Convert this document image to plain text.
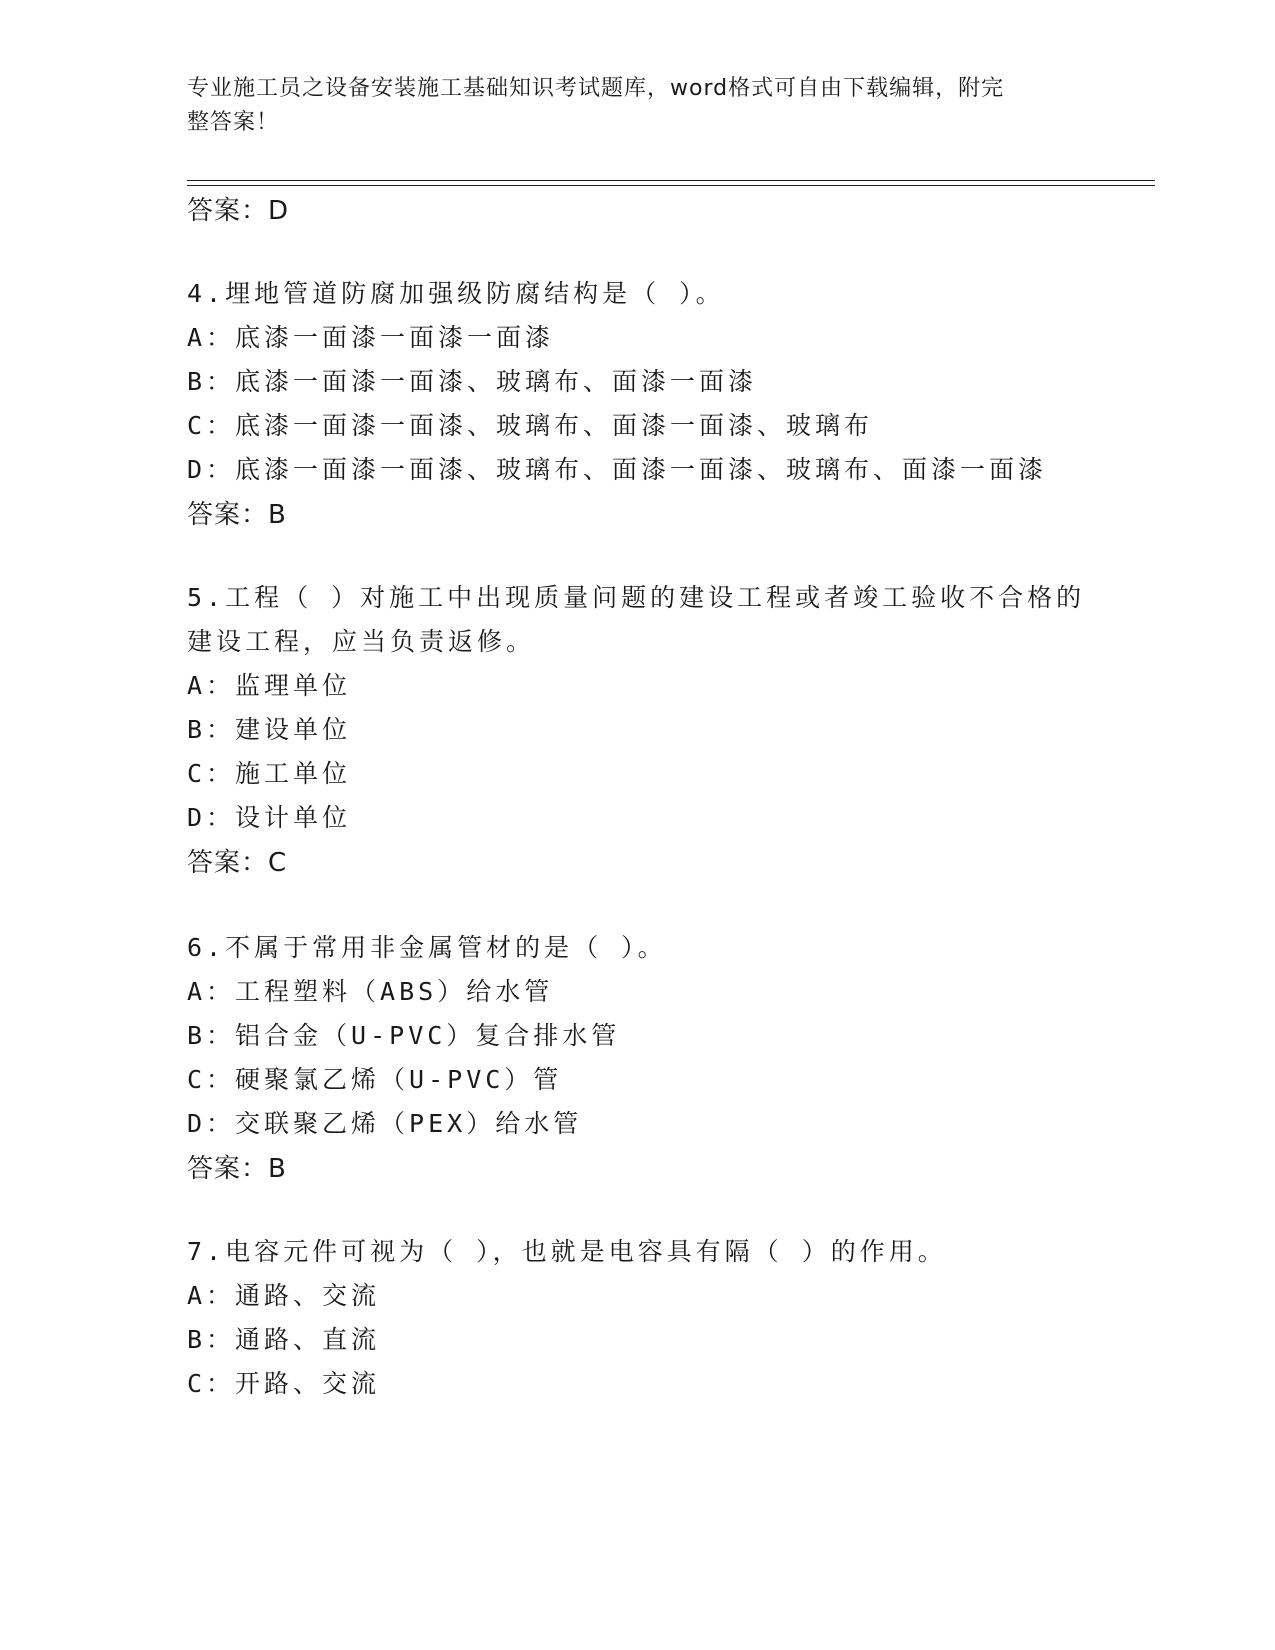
专业施工员之设备安装施工基础知识考试题库，word格式可自由下载编辑，附完
整答案！
答案：D
4.埋地管道防腐加强级防腐结构是（ ）。
A：底漆一面漆一面漆一面漆
B：底漆一面漆一面漆、玻璃布、面漆一面漆
C：底漆一面漆一面漆、玻璃布、面漆一面漆、玻璃布
D：底漆一面漆一面漆、玻璃布、面漆一面漆、玻璃布、面漆一面漆
答案：B
5.工程（ ）对施工中出现质量问题的建设工程或者竣工验收不合格的
建设工程，应当负责返修。
A：监理单位
B：建设单位
C：施工单位
D：设计单位
答案：C
6.不属于常用非金属管材的是（ ）。
A：工程塑料（ABS）给水管
B：铝合金（U-PVC）复合排水管
C：硬聚氯乙烯（U-PVC）管
D：交联聚乙烯（PEX）给水管
答案：B
7.电容元件可视为（ ），也就是电容具有隔（ ）的作用。
A：通路、交流
B：通路、直流
C：开路、交流
